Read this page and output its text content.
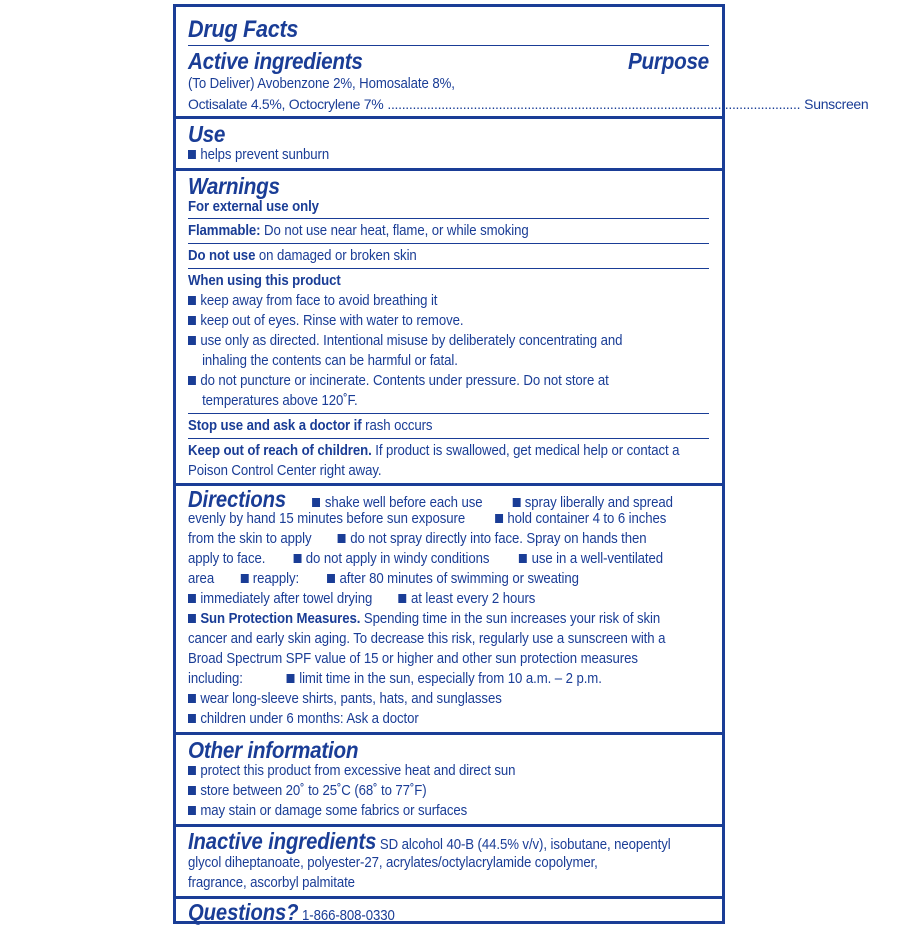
Drug Facts
Active ingredients	Purpose
(To Deliver) Avobenzone 2%, Homosalate 8%,
Octisalate 4.5%, Octocrylene 7% ................................................................................................................... Sunscreen
Use
helps prevent sunburn
Warnings
For external use only
Flammable: Do not use near heat, flame, or while smoking
Do not use on damaged or broken skin
When using this product
keep away from face to avoid breathing it
keep out of eyes. Rinse with water to remove.
use only as directed. Intentional misuse by deliberately concentrating and
inhaling the contents can be harmful or fatal.
do not puncture or incinerate. Contents under pressure. Do not store at
temperatures above 120˚F.
Stop use and ask a doctor if rash occurs
Keep out of reach of children. If product is swallowed, get medical help or contact a
Poison Control Center right away.
Directions	shake well before each use	spray liberally and spread
evenly by hand 15 minutes before sun exposure	hold container 4 to 6 inches
from the skin to apply	do not spray directly into face. Spray on hands then
apply to face.	do not apply in windy conditions	use in a well-ventilated
area	reapply:	after 80 minutes of swimming or sweating
immediately after towel drying	at least every 2 hours
Sun Protection Measures. Spending time in the sun increases your risk of skin
cancer and early skin aging. To decrease this risk, regularly use a sunscreen with a
Broad Spectrum SPF value of 15 or higher and other sun protection measures
including:	limit time in the sun, especially from 10 a.m. – 2 p.m.
wear long-sleeve shirts, pants, hats, and sunglasses
children under 6 months: Ask a doctor
Other information
protect this product from excessive heat and direct sun
store between 20˚ to 25˚C (68˚ to 77˚F)
may stain or damage some fabrics or surfaces
Inactive ingredients SD alcohol 40-B (44.5% v/v), isobutane, neopentyl
glycol diheptanoate, polyester-27, acrylates/octylacrylamide copolymer,
fragrance, ascorbyl palmitate
Questions? 1-866-808-0330
